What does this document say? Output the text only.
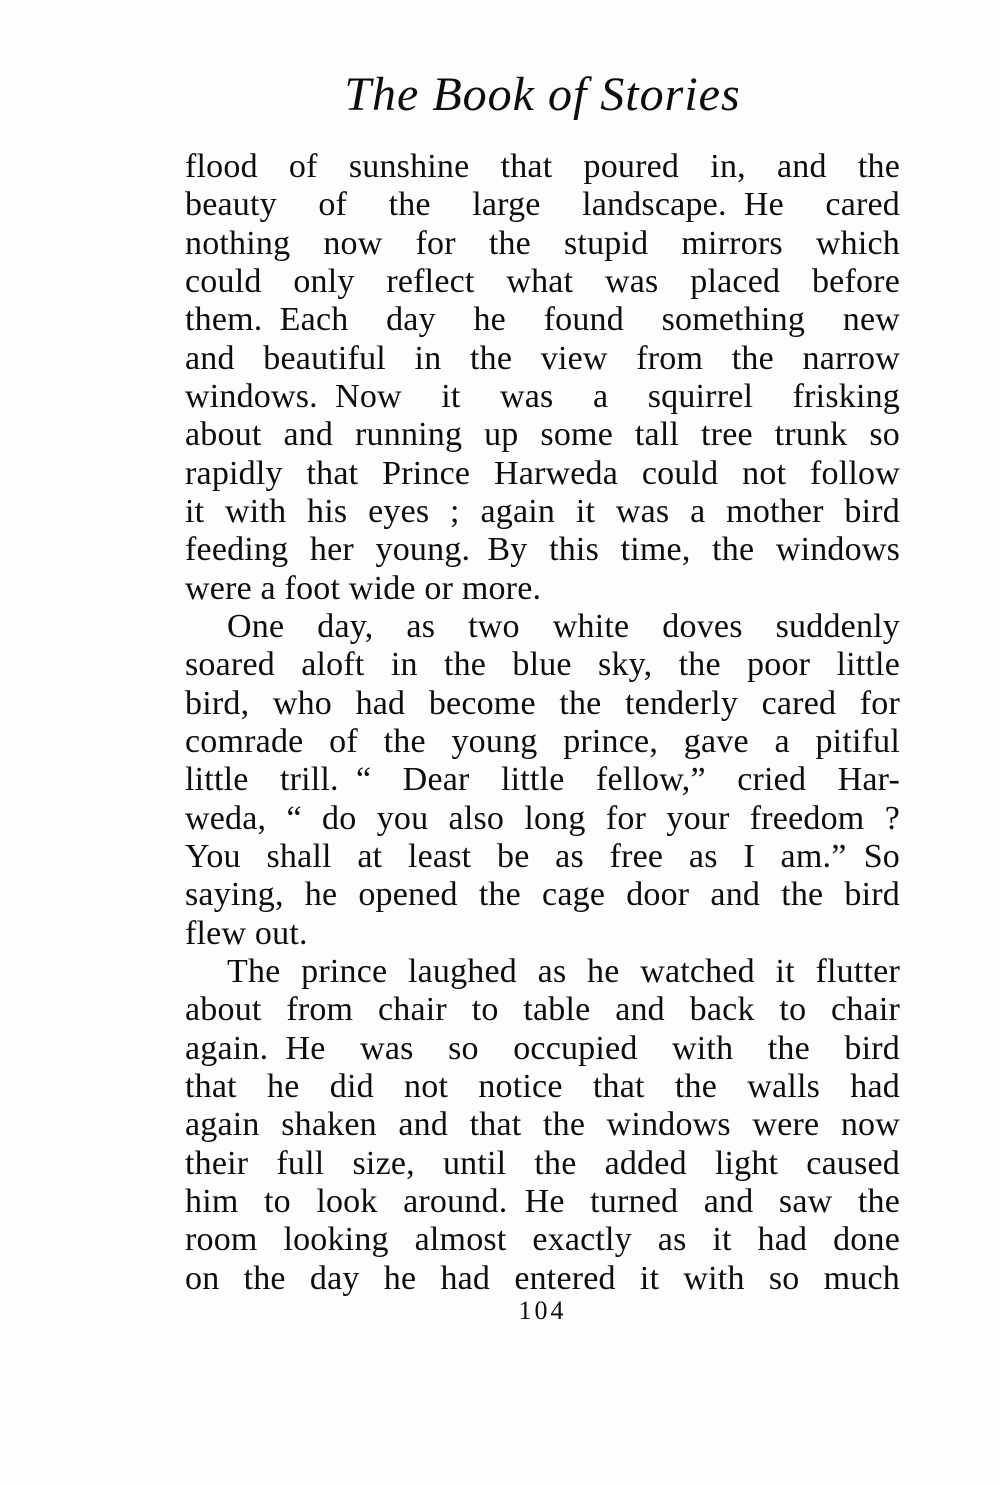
The Book of Stories
flood of sunshine that poured in, and the
beauty of the large landscape. He cared
nothing now for the stupid mirrors which
could only reflect what was placed before
them. Each day he found something new
and beautiful in the view from the narrow
windows. Now it was a squirrel frisking
about and running up some tall tree trunk so
rapidly that Prince Harweda could not follow
it with his eyes ; again it was a mother bird
feeding her young. By this time, the windows
were a foot wide or more.
One day, as two white doves suddenly
soared aloft in the blue sky, the poor little
bird, who had become the tenderly cared for
comrade of the young prince, gave a pitiful
little trill. “ Dear little fellow,” cried Har-
weda, “ do you also long for your freedom ?
You shall at least be as free as I am.” So
saying, he opened the cage door and the bird
flew out.
The prince laughed as he watched it flutter
about from chair to table and back to chair
again. He was so occupied with the bird
that he did not notice that the walls had
again shaken and that the windows were now
their full size, until the added light caused
him to look around. He turned and saw the
room looking almost exactly as it had done
on the day he had entered it with so much
104
